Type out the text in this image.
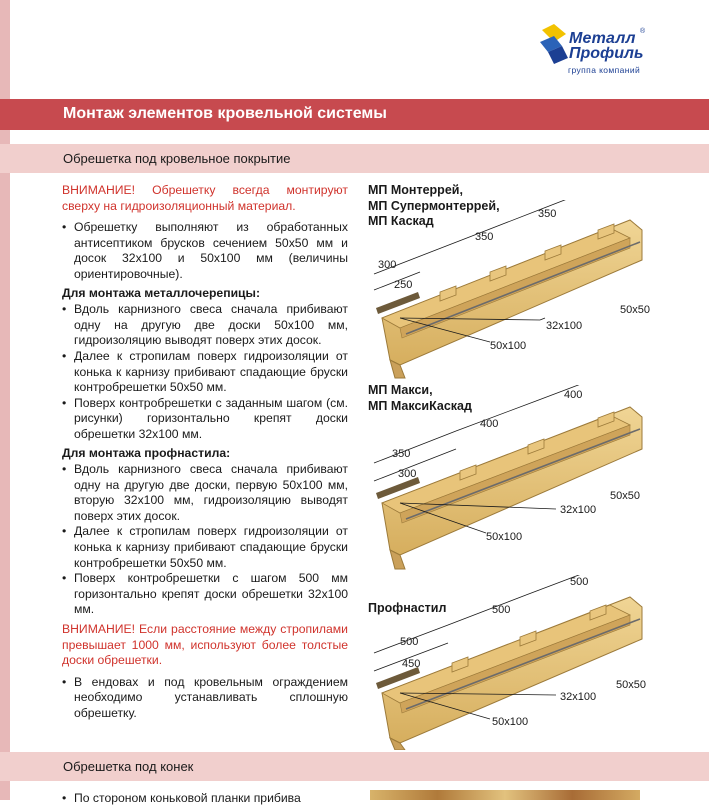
Металл ®
Профиль
группа компаний
Монтаж элементов кровельной системы
Обрешетка под кровельное покрытие

ВНИМАНИЕ! Обрешетку всегда монтируют сверху на гидроизоляционный материал.

• Обрешетку выполняют из обработанных антисептиком брусков сечением 50х50 мм и досок 32х100 и 50х100 мм (величины ориентировочные).

Для монтажа металлочерепицы:

• Вдоль карнизного свеса сначала прибивают одну на другую две доски 50х100 мм, гидроизоляцию выводят поверх этих досок.

• Далее к стропилам поверх гидроизоляции от конька к карнизу прибивают спадающие бруски контробрешетки 50х50 мм.

• Поверх контробрешетки с заданным шагом (см. рисунки) горизонтально крепят доски обрешетки 32х100 мм.

Для монтажа профнастила:

• Вдоль карнизного свеса сначала прибивают одну на другую две доски, первую 50х100 мм, вторую 32х100 мм, гидроизоляцию выводят поверх этих досок.

• Далее к стропилам поверх гидроизоляции от конька к карнизу прибивают спадающие бруски контробрешетки 50х50 мм.

• Поверх контробрешетки с шагом 500 мм горизонтально крепят доски обрешетки 32х100 мм.

ВНИМАНИЕ! Если расстояние между стропилами превышает 1000 мм, используют более толстые доски обрешетки.

• В ендовах и под кровельным ограждением необходимо устанавливать сплошную обрешетку.

МП Монтеррей,
МП Супермонтеррей,
МП Каскад
250
300
350
350
32х100
50х50
50х100
МП Макси,
МП МаксиКаскад
300
350
400
400
32х100
50х50
50х100
Профнастил
450
500
500
500
32х100
50х50
50х100
Обрешетка под конек
• По стороном коньковой планки прибива
